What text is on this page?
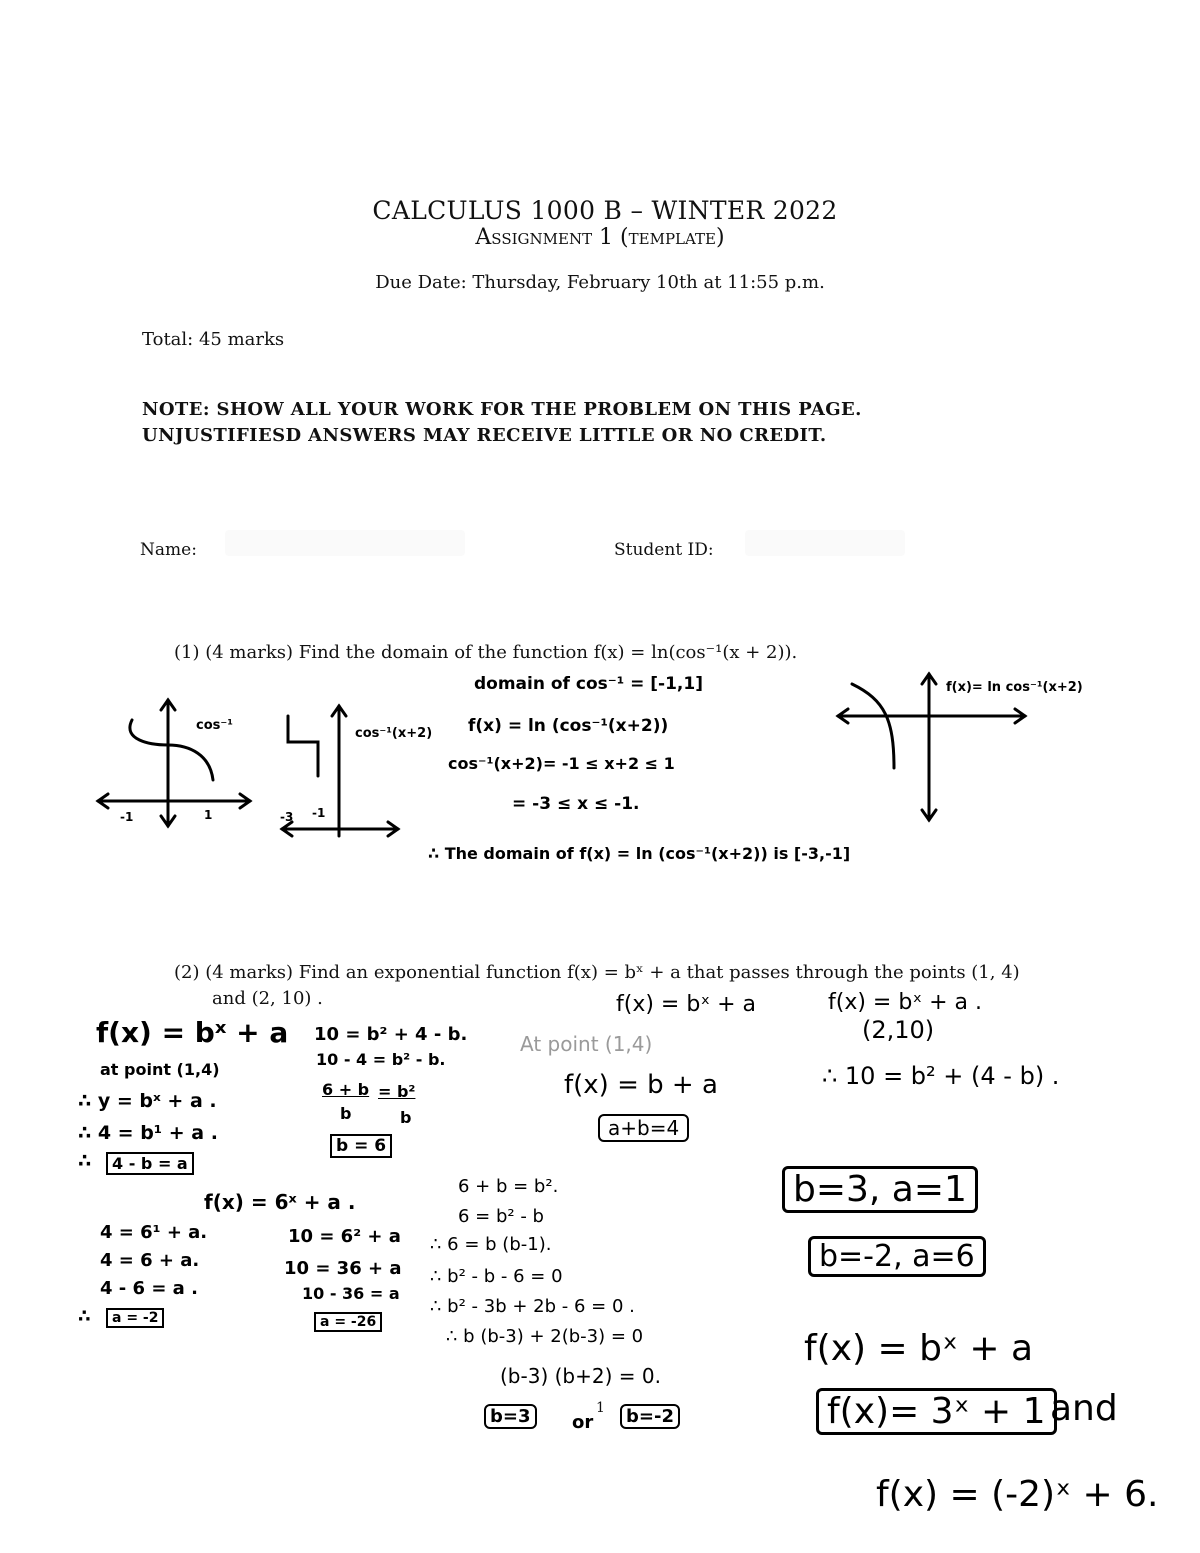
CALCULUS 1000 B – WINTER 2022
Assignment 1 (template)
Due Date: Thursday, February 10th at 11:55 p.m.
Total: 45 marks
NOTE: SHOW ALL YOUR WORK FOR THE PROBLEM ON THIS PAGE.
UNJUSTIFIESD ANSWERS MAY RECEIVE LITTLE OR NO CREDIT.
Name:	Student ID:
(1) (4 marks) Find the domain of the function f(x) = ln(cos⁻¹(x + 2)).
cos⁻¹
-1	1
cos⁻¹(x+2)
-3 -1
f(x)= ln cos⁻¹(x+2)
domain of cos⁻¹ = [-1,1]
f(x) = ln (cos⁻¹(x+2))
cos⁻¹(x+2)= -1 ≤ x+2 ≤ 1
= -3 ≤ x ≤ -1.
∴ The domain of f(x) = ln (cos⁻¹(x+2)) is [-3,-1]
(2) (4 marks) Find an exponential function f(x) = bˣ + a that passes through the points (1, 4)
and (2, 10) .
f(x) = bˣ + a
at point (1,4)
∴ y = bˣ + a .
∴ 4 = b¹ + a .
∴	4 - b = a
10 = b² + 4 - b.
10 - 4 = b² - b.
6 + b
b
= b²
b
b = 6
f(x) = 6ˣ + a .
4 = 6¹ + a.
4 = 6 + a.
4 - 6 = a .
∴	a = -2
10 = 6² + a
10 = 36 + a
10 - 36 = a
a = -26
f(x) = bˣ + a
At point (1,4)
f(x) = b + a
a+b=4
f(x) = bˣ + a .
(2,10)
∴ 10 = b² + (4 - b) .
6 + b = b².
6 = b² - b
∴ 6 = b (b-1).
∴ b² - b - 6 = 0
∴ b² - 3b + 2b - 6 = 0 .
∴ b (b-3) + 2(b-3) = 0
(b-3) (b+2) = 0.
b=3	or	b=-2
1
b=3, a=1
b=-2, a=6
f(x) = bˣ + a
f(x)= 3ˣ + 1 and
f(x) = (-2)ˣ + 6.
